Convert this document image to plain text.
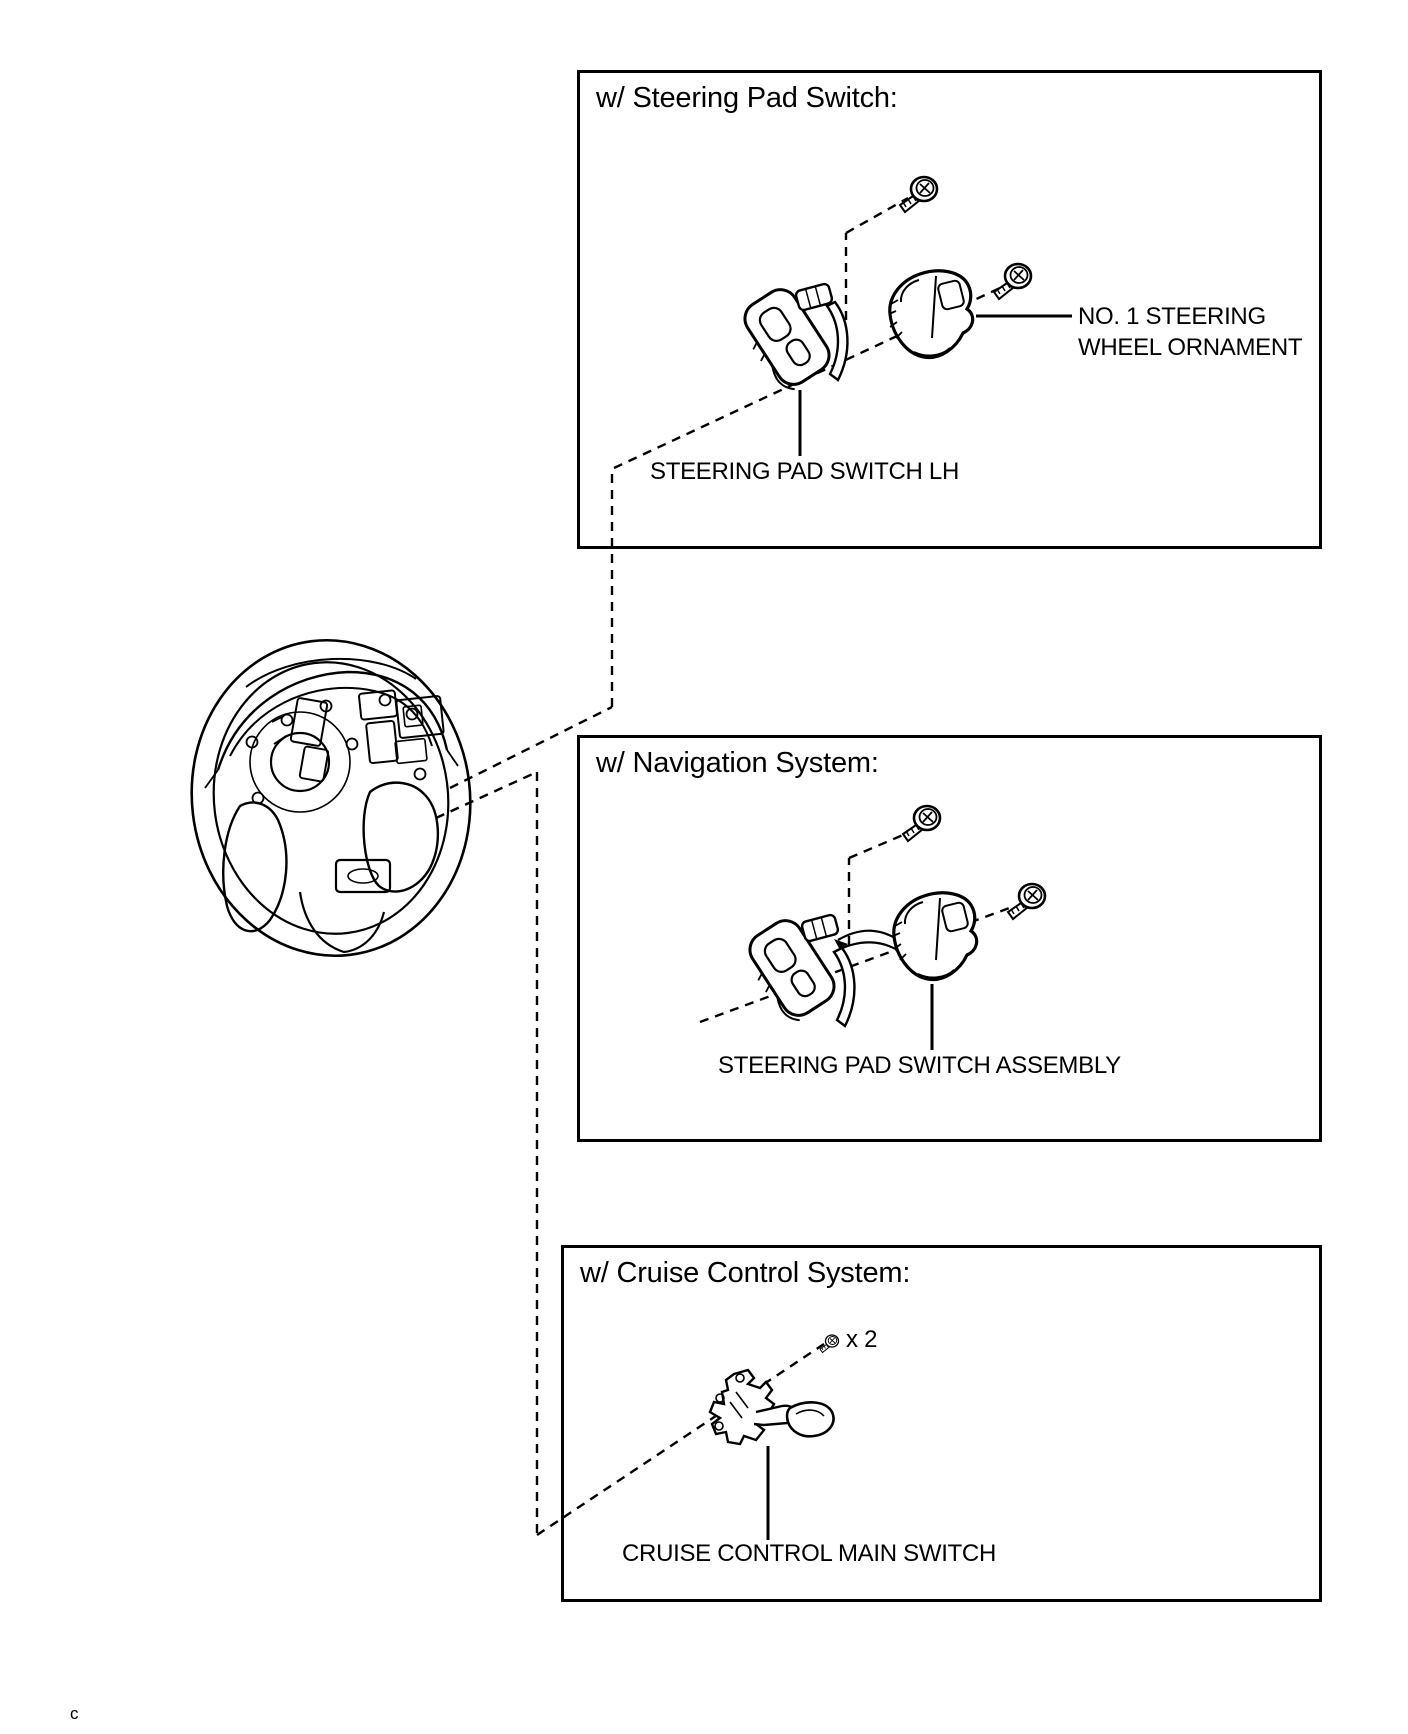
w/ Steering Pad Switch:
w/ Navigation System:
w/ Cruise Control System:
NO. 1 STEERING
WHEEL ORNAMENT
STEERING PAD SWITCH LH
STEERING PAD SWITCH ASSEMBLY
CRUISE CONTROL MAIN SWITCH
x 2
c
